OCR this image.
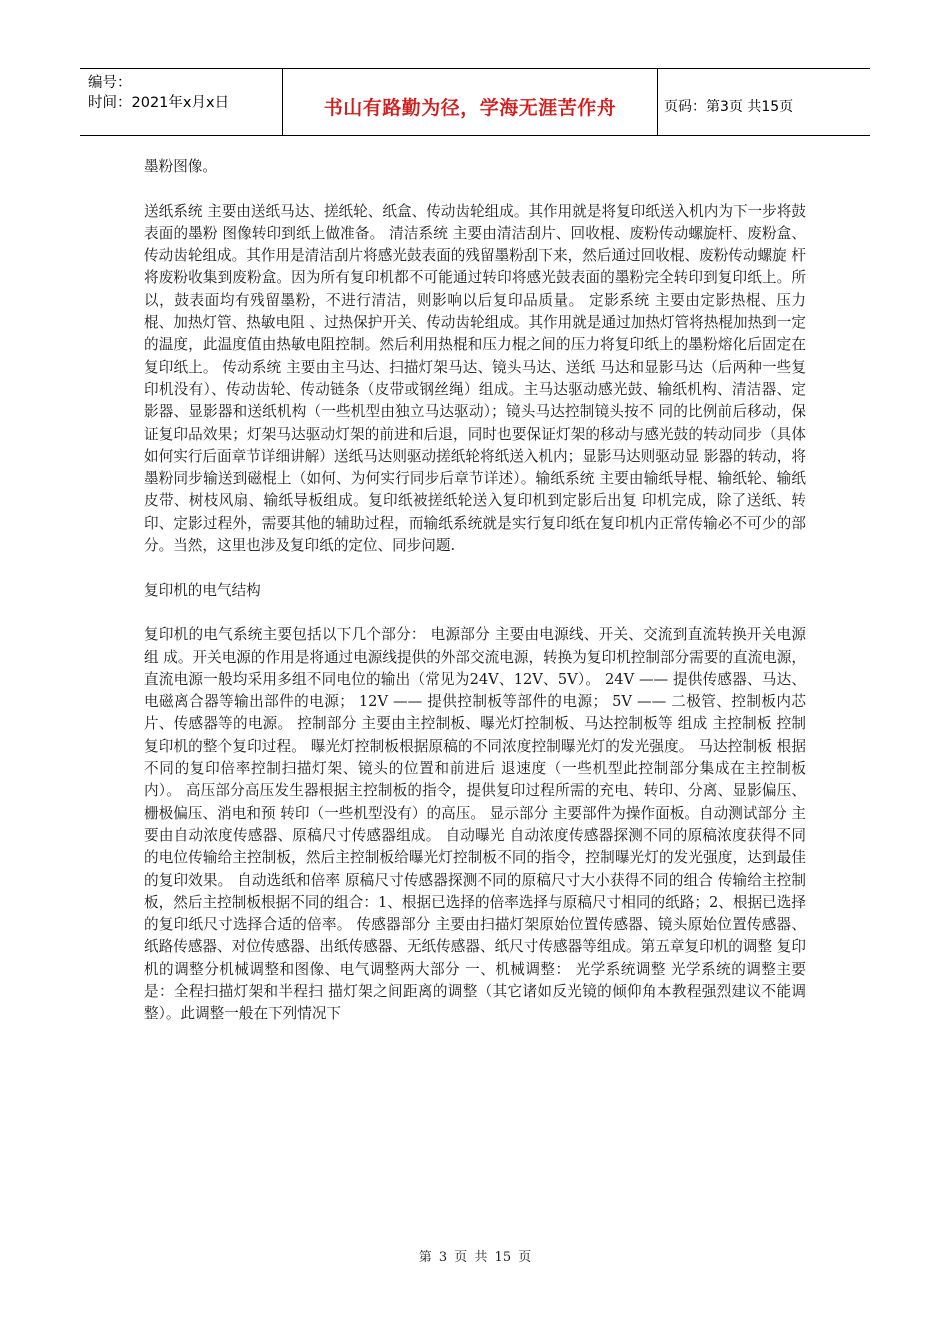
编号：
时间：2021年x月x日	书山有路勤为径，学海无涯苦作舟	页码：第3页 共15页

墨粉图像。

送纸系统 主要由送纸马达、搓纸轮、纸盒、传动齿轮组成。其作用就是将复印纸送入机内为下一步将鼓表面的墨粉 图像转印到纸上做准备。 清洁系统 主要由清洁刮片、回收棍、废粉传动螺旋杆、废粉盒、传动齿轮组成。其作用是清洁刮片将感光鼓表面的残留墨粉刮下来，然后通过回收棍、废粉传动螺旋 杆将废粉收集到废粉盒。因为所有复印机都不可能通过转印将感光鼓表面的墨粉完全转印到复印纸上。所以，鼓表面均有残留墨粉，不进行清洁，则影响以后复印品质量。 定影系统 主要由定影热棍、压力棍、加热灯管、热敏电阻 、过热保护开关、传动齿轮组成。其作用就是通过加热灯管将热棍加热到一定的温度，此温度值由热敏电阻控制。然后利用热棍和压力棍之间的压力将复印纸上的墨粉熔化后固定在复印纸上。 传动系统 主要由主马达、扫描灯架马达、镜头马达、送纸 马达和显影马达（后两种一些复印机没有）、传动齿轮、传动链条（皮带或钢丝绳）组成。主马达驱动感光鼓、输纸机构、清洁器、定影器、显影器和送纸机构（一些机型由独立马达驱动）；镜头马达控制镜头按不 同的比例前后移动，保证复印品效果；灯架马达驱动灯架的前进和后退，同时也要保证灯架的移动与感光鼓的转动同步（具体如何实行后面章节详细讲解）送纸马达则驱动搓纸轮将纸送入机内；显影马达则驱动显 影器的转动，将墨粉同步输送到磁棍上（如何、为何实行同步后章节详述）。输纸系统 主要由输纸导棍、输纸轮、输纸皮带、树枝风扇、输纸导板组成。复印纸被搓纸轮送入复印机到定影后出复 印机完成，除了送纸、转印、定影过程外，需要其他的辅助过程，而输纸系统就是实行复印纸在复印机内正常传输必不可少的部分。当然，这里也涉及复印纸的定位、同步问题.

复印机的电气结构

复印机的电气系统主要包括以下几个部分： 电源部分 主要由电源线、开关、交流到直流转换开关电源组 成。开关电源的作用是将通过电源线提供的外部交流电源，转换为复印机控制部分需要的直流电源，直流电源一般均采用多组不同电位的输出（常见为24V、12V、5V）。 24V —— 提供传感器、马达、电磁离合器等输出部件的电源； 12V —— 提供控制板等部件的电源； 5V —— 二极管、控制板内芯片、传感器等的电源。 控制部分 主要由主控制板、曝光灯控制板、马达控制板等 组成 主控制板 控制复印机的整个复印过程。 曝光灯控制板根据原稿的不同浓度控制曝光灯的发光强度。 马达控制板 根据不同的复印倍率控制扫描灯架、镜头的位置和前进后 退速度（一些机型此控制部分集成在主控制板内）。 高压部分高压发生器根据主控制板的指令，提供复印过程所需的充电、转印、分离、显影偏压、栅极偏压、消电和预 转印（一些机型没有）的高压。 显示部分 主要部件为操作面板。自动测试部分 主要由自动浓度传感器、原稿尺寸传感器组成。 自动曝光 自动浓度传感器探测不同的原稿浓度获得不同的电位传输给主控制板，然后主控制板给曝光灯控制板不同的指令，控制曝光灯的发光强度，达到最佳的复印效果。 自动选纸和倍率 原稿尺寸传感器探测不同的原稿尺寸大小获得不同的组合 传输给主控制板，然后主控制板根据不同的组合：1、根据已选择的倍率选择与原稿尺寸相同的纸路；2、根据已选择的复印纸尺寸选择合适的倍率。 传感器部分 主要由扫描灯架原始位置传感器、镜头原始位置传感器、 纸路传感器、对位传感器、出纸传感器、无纸传感器、纸尺寸传感器等组成。第五章复印机的调整 复印机的调整分机械调整和图像、电气调整两大部分 一、机械调整： 光学系统调整 光学系统的调整主要是：全程扫描灯架和半程扫 描灯架之间距离的调整（其它诸如反光镜的倾仰角本教程强烈建议不能调整）。此调整一般在下列情况下

第 3 页 共 15 页
